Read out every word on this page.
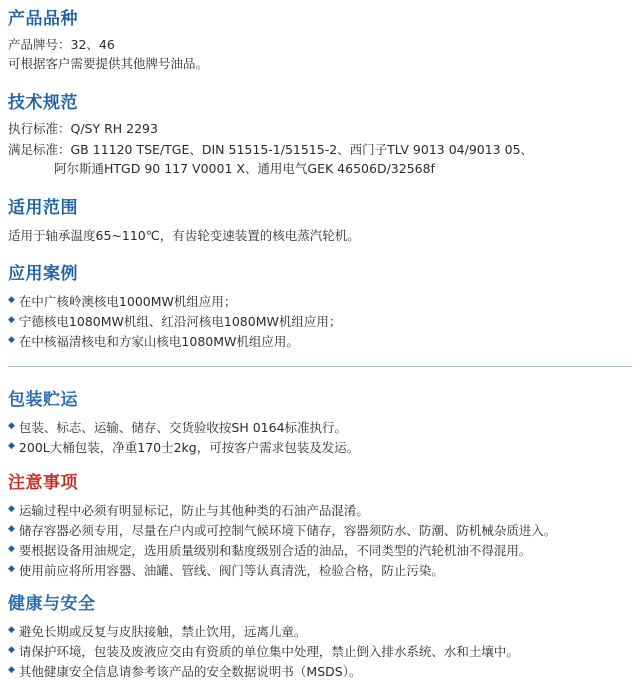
产品品种
产品牌号：32、46
可根据客户需要提供其他牌号油品。
技术规范
执行标准：Q/SY RH 2293
满足标准：GB 11120 TSE/TGE、DIN 51515-1/51515-2、西门子TLV 9013 04/9013 05、
阿尔斯通HTGD 90 117 V0001 X、通用电气GEK 46506D/32568f
适用范围
适用于轴承温度65~110℃，有齿轮变速装置的核电蒸汽轮机。
应用案例
◆ 在中广核岭澳核电1000MW机组应用；
◆ 宁德核电1080MW机组、红沿河核电1080MW机组应用；
◆ 在中核福清核电和方家山核电1080MW机组应用。
包装贮运
◆ 包装、标志、运输、储存、交货验收按SH 0164标准执行。
◆ 200L大桶包装，净重170士2kg，可按客户需求包装及发运。
注意事项
◆ 运输过程中必须有明显标记，防止与其他种类的石油产品混淆。
◆ 储存容器必须专用，尽量在户内或可控制气候环境下储存，容器须防水、防潮、防机械杂质进入。
◆ 要根据设备用油规定，选用质量级别和黏度级别合适的油品，不同类型的汽轮机油不得混用。
◆ 使用前应将所用容器、油罐、管线、阀门等认真清洗，检验合格，防止污染。
健康与安全
◆ 避免长期或反复与皮肤接触，禁止饮用，远离儿童。
◆ 请保护环境，包装及废液应交由有资质的单位集中处理，禁止倒入排水系统、水和土壤中。
◆ 其他健康安全信息请参考该产品的安全数据说明书（MSDS）。
